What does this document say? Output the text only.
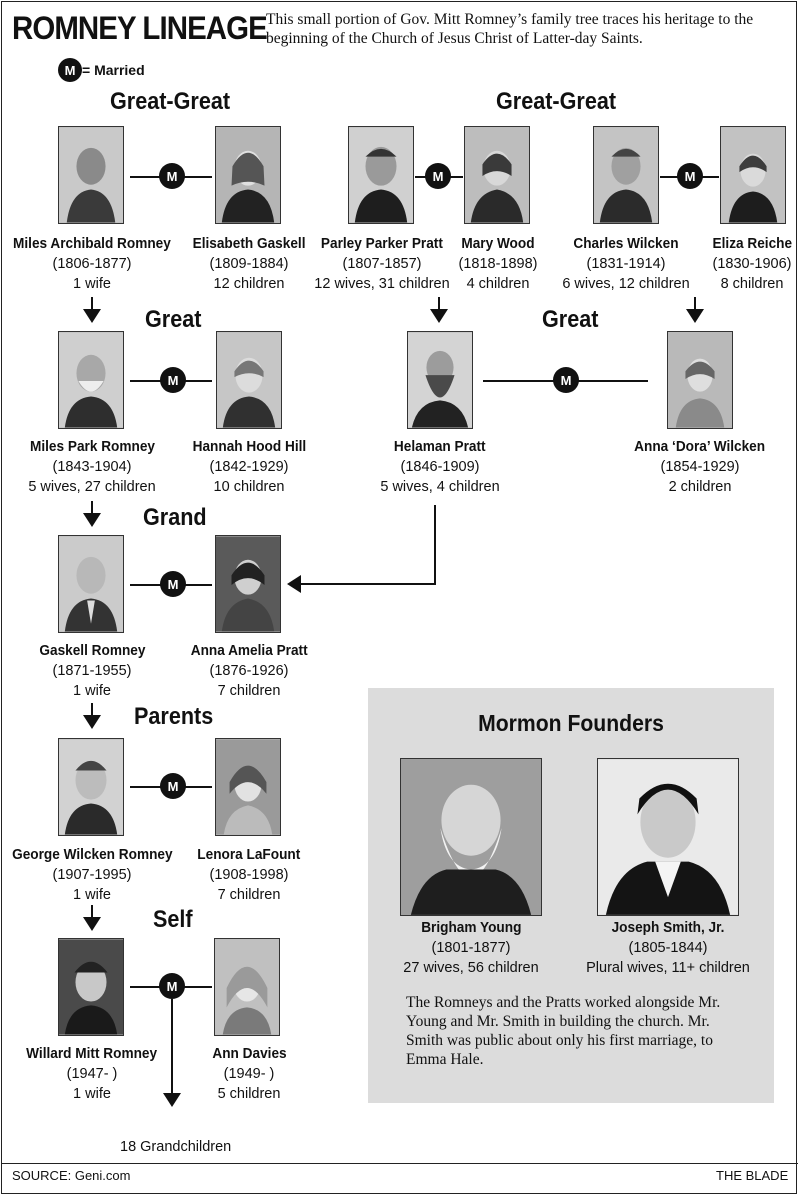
ROMNEY LINEAGE This small portion of Gov. Mitt Romney’s family tree traces his heritage to the beginning of the Church of Jesus Christ of Latter-day Saints.
M = Married
Great-Great	Great-Great
Great	Great
Grand
Parents
Self
M
Miles Archibald Romney
(1806-1877)
1 wife
Elisabeth Gaskell
(1809-1884)
12 children
M
Parley Parker Pratt
(1807-1857)
12 wives, 31 children
Mary Wood
(1818-1898)
4 children
M
Charles Wilcken
(1831-1914)
6 wives, 12 children
Eliza Reiche
(1830-1906)
8 children
M
Miles Park Romney
(1843-1904)
5 wives, 27 children
Hannah Hood Hill
(1842-1929)
10 children
M
Helaman Pratt
(1846-1909)
5 wives, 4 children
Anna ‘Dora’ Wilcken
(1854-1929)
2 children
M
Gaskell Romney
(1871-1955)
1 wife
Anna Amelia Pratt
(1876-1926)
7 children
M
George Wilcken Romney
(1907-1995)
1 wife
Lenora LaFount
(1908-1998)
7 children
M
Willard Mitt Romney
(1947- )
1 wife
Ann Davies
(1949- )
5 children
18 Grandchildren
Mormon Founders
Brigham Young
(1801-1877)
27 wives, 56 children
Joseph Smith, Jr.
(1805-1844)
Plural wives, 11+ children
The Romneys and the Pratts worked alongside Mr. Young and Mr. Smith in building the church. Mr. Smith was public about only his first marriage, to Emma Hale.
SOURCE: Geni.com	THE BLADE
